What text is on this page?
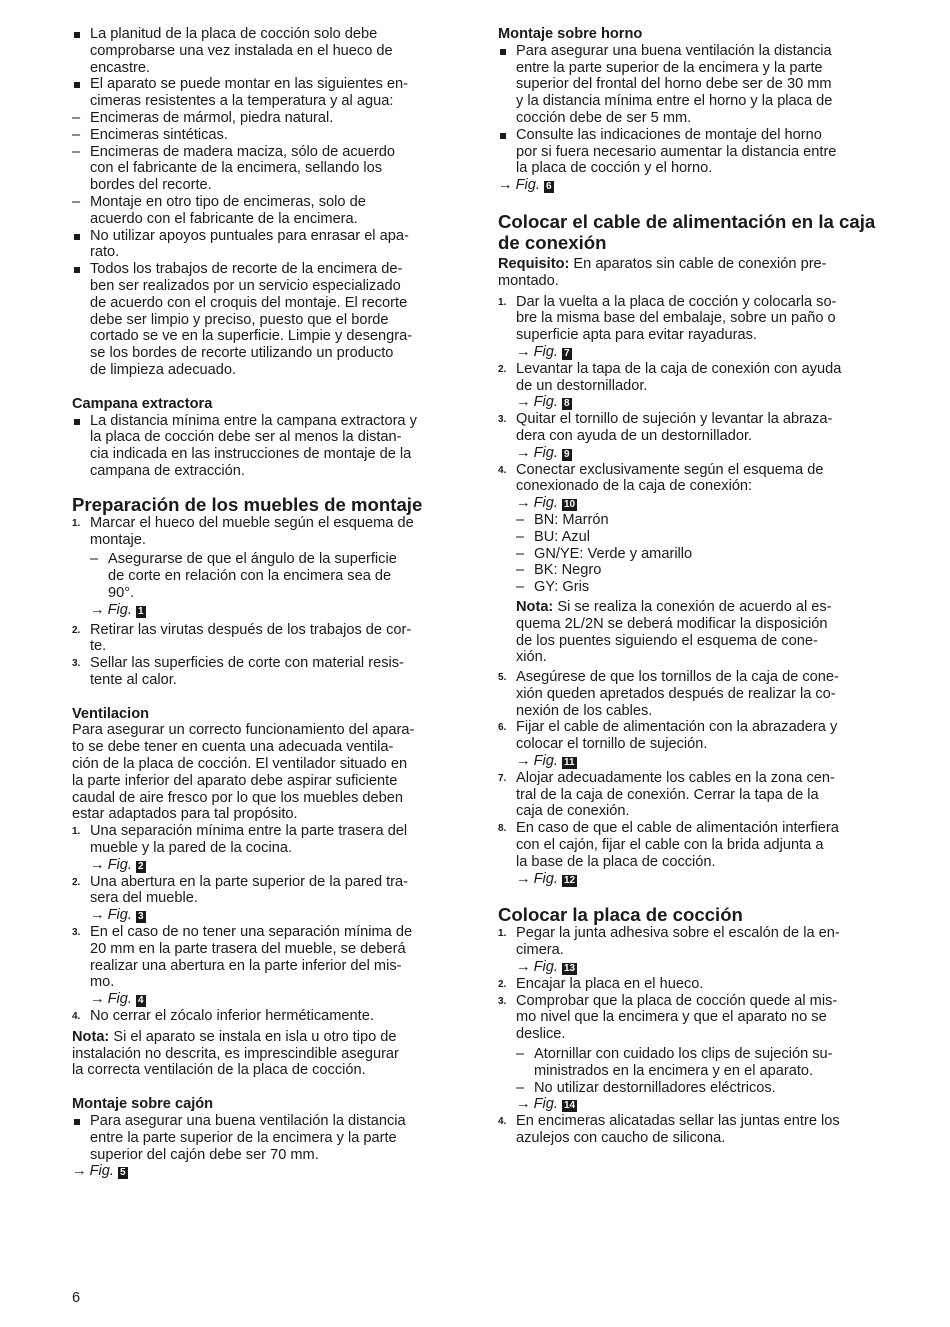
La planitud de la placa de cocción solo debe
comprobarse una vez instalada en el hueco de
encastre.
El aparato se puede montar en las siguientes en-
cimeras resistentes a la temperatura y al agua:
– Encimeras de mármol, piedra natural.
– Encimeras sintéticas.
– Encimeras de madera maciza, sólo de acuerdo
con el fabricante de la encimera, sellando los
bordes del recorte.
– Montaje en otro tipo de encimeras, solo de
acuerdo con el fabricante de la encimera.
No utilizar apoyos puntuales para enrasar el apa-
rato.
Todos los trabajos de recorte de la encimera de-
ben ser realizados por un servicio especializado
de acuerdo con el croquis del montaje. El recorte
debe ser limpio y preciso, puesto que el borde
cortado se ve en la superficie. Limpie y desengra-
se los bordes de recorte utilizando un producto
de limpieza adecuado.
Campana extractora
La distancia mínima entre la campana extractora y
la placa de cocción debe ser al menos la distan-
cia indicada en las instrucciones de montaje de la
campana de extracción.
Preparación de los muebles de montaje
1. Marcar el hueco del mueble según el esquema de
montaje.
– Asegurarse de que el ángulo de la superficie
de corte en relación con la encimera sea de
90°.
→ Fig. 1
2. Retirar las virutas después de los trabajos de cor-
te.
3. Sellar las superficies de corte con material resis-
tente al calor.
Ventilacion

Para asegurar un correcto funcionamiento del apara-
to se debe tener en cuenta una adecuada ventila-
ción de la placa de cocción. El ventilador situado en
la parte inferior del aparato debe aspirar suficiente
caudal de aire fresco por lo que los muebles deben
estar adaptados para tal propósito.

1. Una separación mínima entre la parte trasera del
mueble y la pared de la cocina.
→ Fig. 2
2. Una abertura en la parte superior de la pared tra-
sera del mueble.
→ Fig. 3
3. En el caso de no tener una separación mínima de
20 mm en la parte trasera del mueble, se deberá
realizar una abertura en la parte inferior del mis-
mo.
→ Fig. 4
4. No cerrar el zócalo inferior herméticamente.

Nota: Si el aparato se instala en isla u otro tipo de
instalación no descrita, es imprescindible asegurar
la correcta ventilación de la placa de cocción.

Montaje sobre cajón
Para asegurar una buena ventilación la distancia
entre la parte superior de la encimera y la parte
superior del cajón debe ser 70 mm.
→ Fig. 5
Montaje sobre horno
Para asegurar una buena ventilación la distancia
entre la parte superior de la encimera y la parte
superior del frontal del horno debe ser de 30 mm
y la distancia mínima entre el horno y la placa de
cocción debe de ser 5 mm.
Consulte las indicaciones de montaje del horno
por si fuera necesario aumentar la distancia entre
la placa de cocción y el horno.
→ Fig. 6
Colocar el cable de alimentación en la caja
de conexión

Requisito: En aparatos sin cable de conexión pre-
montado.

1. Dar la vuelta a la placa de cocción y colocarla so-
bre la misma base del embalaje, sobre un paño o
superficie apta para evitar rayaduras.
→ Fig. 7
2. Levantar la tapa de la caja de conexión con ayuda
de un destornillador.
→ Fig. 8
3. Quitar el tornillo de sujeción y levantar la abraza-
dera con ayuda de un destornillador.
→ Fig. 9
4. Conectar exclusivamente según el esquema de
conexionado de la caja de conexión:
→ Fig. 10
– BN: Marrón
– BU: Azul
– GN/YE: Verde y amarillo
– BK: Negro
– GY: Gris

Nota: Si se realiza la conexión de acuerdo al es-
quema 2L/2N se deberá modificar la disposición
de los puentes siguiendo el esquema de cone-
xión.

5. Asegúrese de que los tornillos de la caja de cone-
xión queden apretados después de realizar la co-
nexión de los cables.
6. Fijar el cable de alimentación con la abrazadera y
colocar el tornillo de sujeción.
→ Fig. 11
7. Alojar adecuadamente los cables en la zona cen-
tral de la caja de conexión. Cerrar la tapa de la
caja de conexión.
8. En caso de que el cable de alimentación interfiera
con el cajón, fijar el cable con la brida adjunta a
la base de la placa de cocción.
→ Fig. 12
Colocar la placa de cocción
1. Pegar la junta adhesiva sobre el escalón de la en-
cimera.
→ Fig. 13
2. Encajar la placa en el hueco.
3. Comprobar que la placa de cocción quede al mis-
mo nivel que la encimera y que el aparato no se
deslice.
– Atornillar con cuidado los clips de sujeción su-
ministrados en la encimera y en el aparato.
– No utilizar destornilladores eléctricos.
→ Fig. 14
4. En encimeras alicatadas sellar las juntas entre los
azulejos con caucho de silicona.
6
